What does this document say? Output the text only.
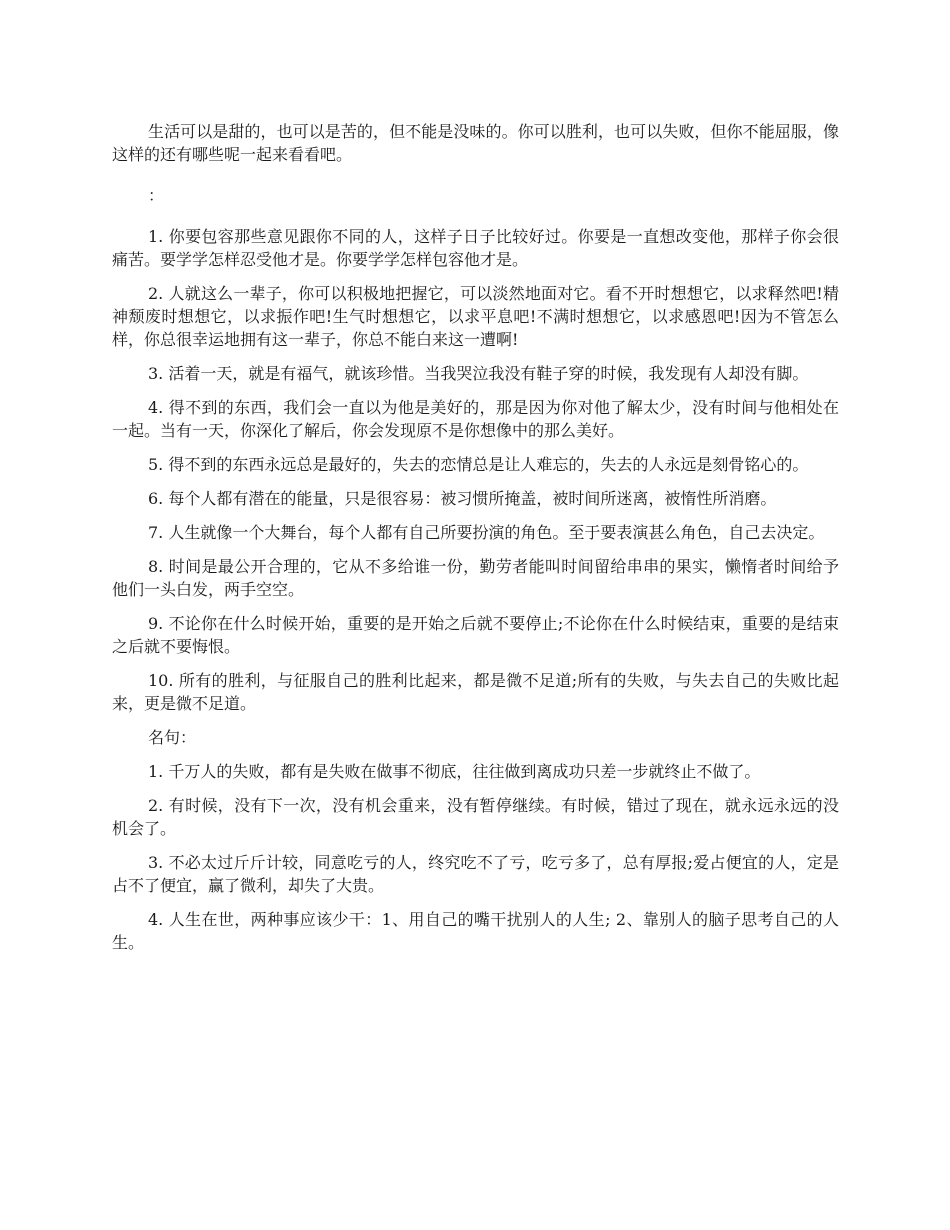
生活可以是甜的，也可以是苦的，但不能是没味的。你可以胜利，也可以失败，但你不能屈服，像这样的还有哪些呢一起来看看吧。

：

1. 你要包容那些意见跟你不同的人，这样子日子比较好过。你要是一直想改变他，那样子你会很痛苦。要学学怎样忍受他才是。你要学学怎样包容他才是。

2. 人就这么一辈子，你可以积极地把握它，可以淡然地面对它。看不开时想想它，以求释然吧!精神颓废时想想它，以求振作吧!生气时想想它，以求平息吧!不满时想想它，以求感恩吧!因为不管怎么样，你总很幸运地拥有这一辈子，你总不能白来这一遭啊!

3. 活着一天，就是有福气，就该珍惜。当我哭泣我没有鞋子穿的时候，我发现有人却没有脚。

4. 得不到的东西，我们会一直以为他是美好的，那是因为你对他了解太少，没有时间与他相处在一起。当有一天，你深化了解后，你会发现原不是你想像中的那么美好。

5. 得不到的东西永远总是最好的，失去的恋情总是让人难忘的，失去的人永远是刻骨铭心的。

6. 每个人都有潜在的能量，只是很容易：被习惯所掩盖，被时间所迷离，被惰性所消磨。

7. 人生就像一个大舞台，每个人都有自己所要扮演的角色。至于要表演甚么角色，自己去决定。

8. 时间是最公开合理的，它从不多给谁一份，勤劳者能叫时间留给串串的果实，懒惰者时间给予他们一头白发，两手空空。

9. 不论你在什么时候开始，重要的是开始之后就不要停止;不论你在什么时候结束，重要的是结束之后就不要悔恨。

10. 所有的胜利，与征服自己的胜利比起来，都是微不足道;所有的失败，与失去自己的失败比起来，更是微不足道。

名句：

1. 千万人的失败，都有是失败在做事不彻底，往往做到离成功只差一步就终止不做了。

2. 有时候，没有下一次，没有机会重来，没有暂停继续。有时候，错过了现在，就永远永远的没机会了。

3. 不必太过斤斤计较，同意吃亏的人，终究吃不了亏，吃亏多了，总有厚报;爱占便宜的人，定是占不了便宜，赢了微利，却失了大贵。

4. 人生在世，两种事应该少干：1、用自己的嘴干扰别人的人生; 2、靠别人的脑子思考自己的人生。
